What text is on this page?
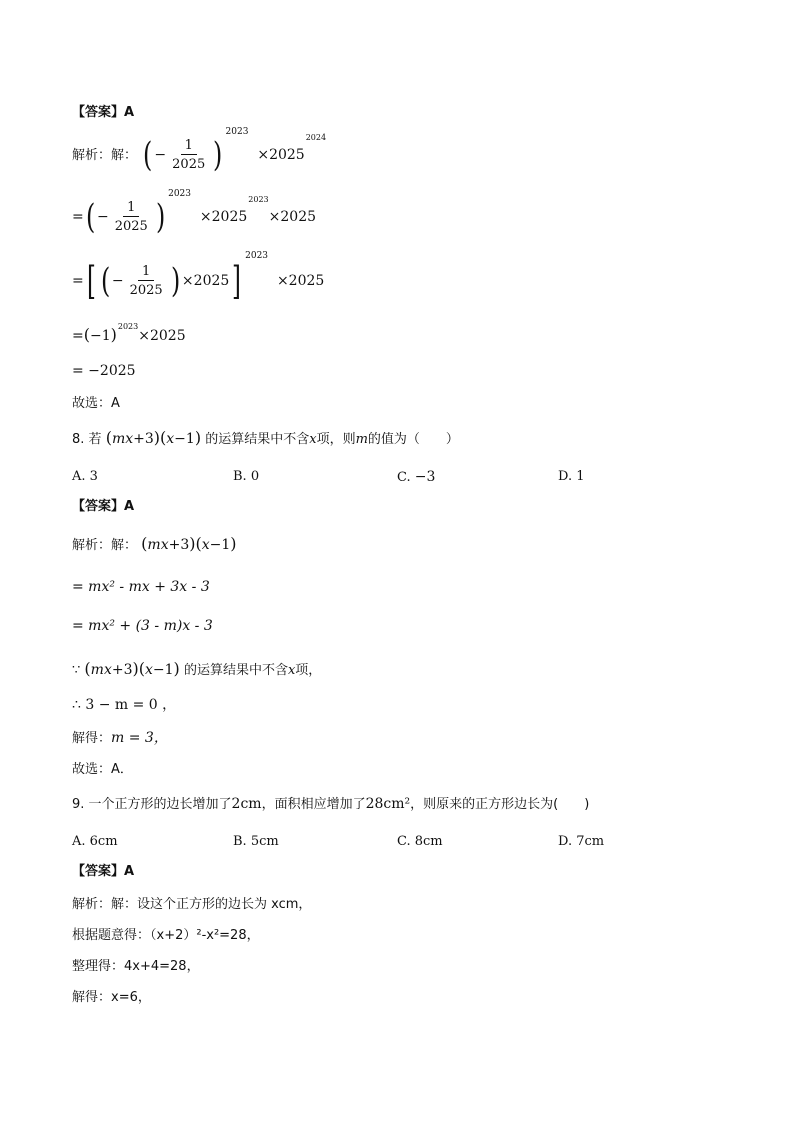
【答案】A
解析：解： ( − $\frac{1}{2025} )^{2023} \times 2025^{2024}$
=( − $\frac{1}{2025} )^{2023} \times 2025^{2023}\times 2025$
=[ ( − $\frac{1}{2025}$ ) ×2025]$^{2023}$  ×2025
$=(-1)^{2023}\times 2025$
= −2025
故选：A
8. 若 (mx+3)(x−1) 的运算结果中不含x项，则m的值为（　　）
A. 3	B. 0	C. −3	D. 1
【答案】A
解析：解： (mx+3)(x−1)
= mx² - mx + 3x - 3
= mx² + (3 - m)x - 3
∵ (mx+3)(x−1) 的运算结果中不含x项，
∴ 3 − m = 0 ，
解得：m = 3，
故选：A．
9. 一个正方形的边长增加了2cm，面积相应增加了28cm²，则原来的正方形边长为(　　)
A. 6cm	B. 5cm	C. 8cm	D. 7cm
【答案】A
解析：解：设这个正方形的边长为 xcm，
根据题意得：（x+2）²-x²=28，
整理得：4x+4=28，
解得：x=6，
